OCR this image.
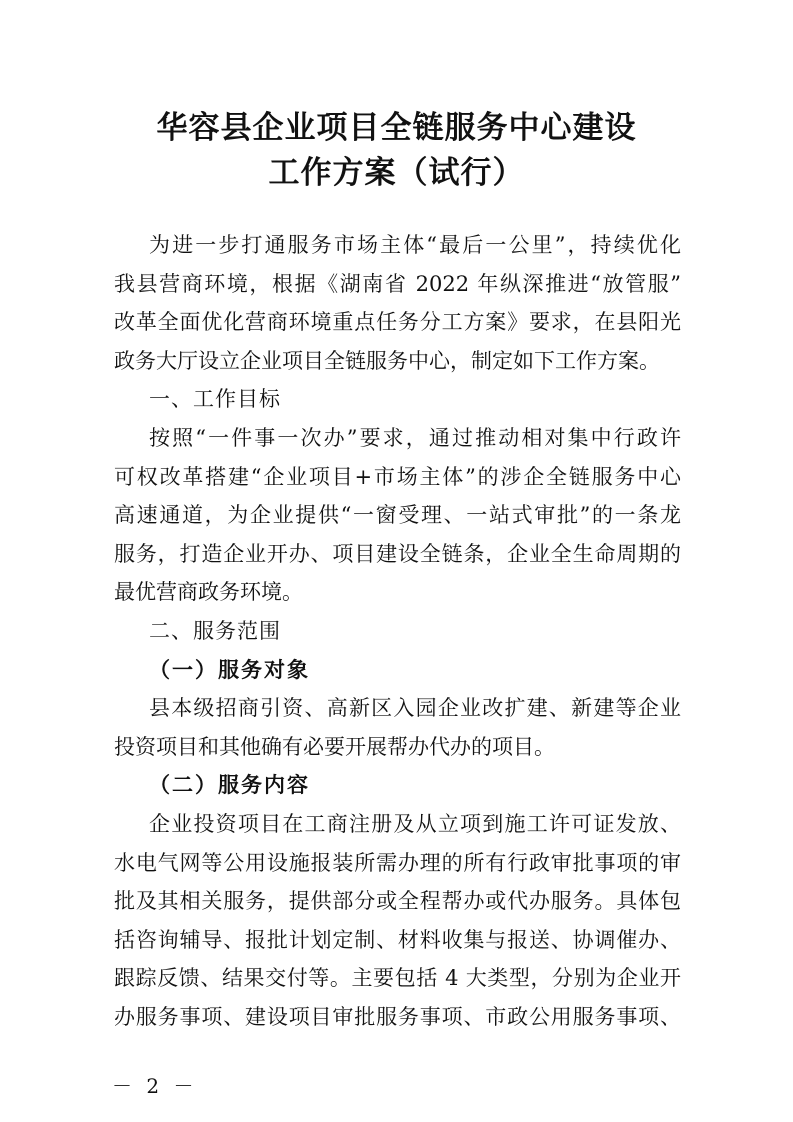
华容县企业项目全链服务中心建设
工作方案（试行）
为进一步打通服务市场主体“最后一公里”，持续优化
我县营商环境，根据《湖南省 2022 年纵深推进“放管服”
改革全面优化营商环境重点任务分工方案》要求，在县阳光
政务大厅设立企业项目全链服务中心，制定如下工作方案。
一、工作目标
按照“一件事一次办”要求，通过推动相对集中行政许
可权改革搭建“企业项目+市场主体”的涉企全链服务中心
高速通道，为企业提供“一窗受理、一站式审批”的一条龙
服务，打造企业开办、项目建设全链条，企业全生命周期的
最优营商政务环境。
二、服务范围
（一）服务对象
县本级招商引资、高新区入园企业改扩建、新建等企业
投资项目和其他确有必要开展帮办代办的项目。
（二）服务内容
企业投资项目在工商注册及从立项到施工许可证发放、
水电气网等公用设施报装所需办理的所有行政审批事项的审
批及其相关服务，提供部分或全程帮办或代办服务。具体包
括咨询辅导、报批计划定制、材料收集与报送、协调催办、
跟踪反馈、结果交付等。主要包括 4 大类型，分别为企业开
办服务事项、建设项目审批服务事项、市政公用服务事项、
－ 2 －
